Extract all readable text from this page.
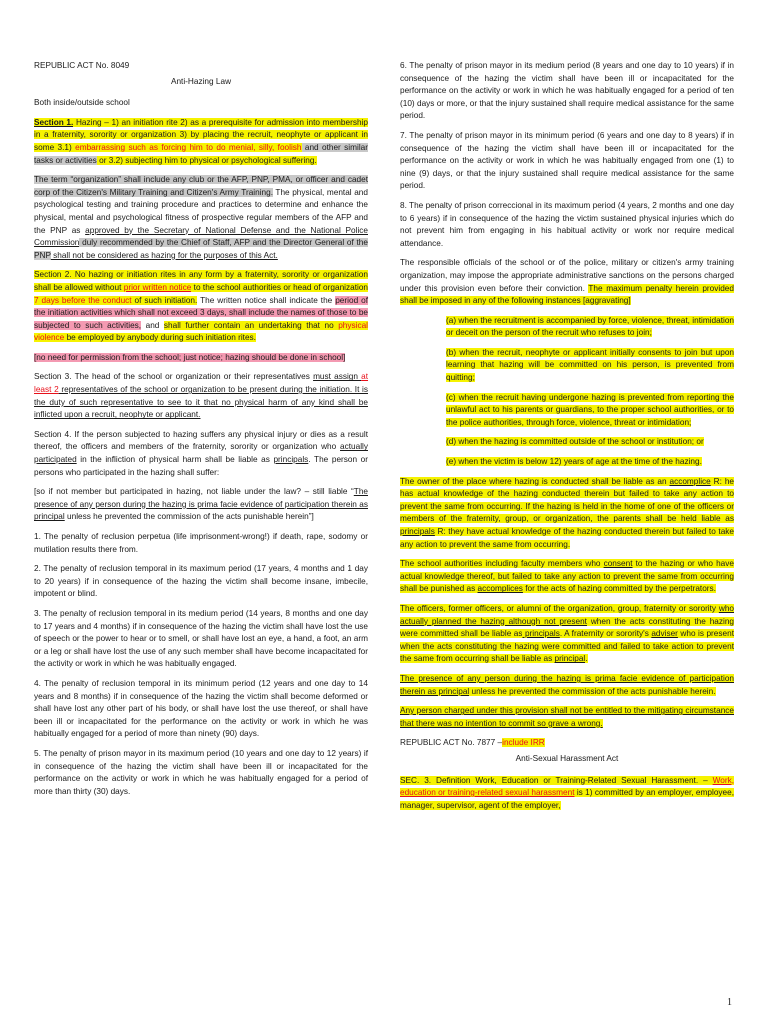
REPUBLIC ACT No. 8049

Anti-Hazing Law

Both inside/outside school

Section 1. Hazing – 1) an initiation rite 2) as a prerequisite for admission into membership in a fraternity, sorority or organization 3) by placing the recruit, neophyte or applicant in some 3.1) embarrassing such as forcing him to do menial, silly, foolish and other similar tasks or activities or 3.2) subjecting him to physical or psychological suffering.

The term “organization” shall include any club or the AFP, PNP, PMA, or officer and cadet corp of the Citizen's Military Training and Citizen's Army Training. The physical, mental and psychological testing and training procedure and practices to determine and enhance the physical, mental and psychological fitness of prospective regular members of the AFP and the PNP as approved by the Secretary of National Defense and the National Police Commission duly recommended by the Chief of Staff, AFP and the Director General of the PNP shall not be considered as hazing for the purposes of this Act.

Section 2. No hazing or initiation rites in any form by a fraternity, sorority or organization shall be allowed without prior written notice to the school authorities or head of organization 7 days before the conduct of such initiation. The written notice shall indicate the period of the initiation activities which shall not exceed 3 days, shall include the names of those to be subjected to such activities, and shall further contain an undertaking that no physical violence be employed by anybody during such initiation rites.

[no need for permission from the school; just notice; hazing should be done in school]

Section 3. The head of the school or organization or their representatives must assign at least 2 representatives of the school or organization to be present during the initiation. It is the duty of such representative to see to it that no physical harm of any kind shall be inflicted upon a recruit, neophyte or applicant.

Section 4. If the person subjected to hazing suffers any physical injury or dies as a result thereof, the officers and members of the fraternity, sorority or organization who actually participated in the infliction of physical harm shall be liable as principals. The person or persons who participated in the hazing shall suffer:

[so if not member but participated in hazing, not liable under the law? – still liable “The presence of any person during the hazing is prima facie evidence of participation therein as principal unless he prevented the commission of the acts punishable herein”]

1. The penalty of reclusion perpetua (life imprisonment-wrong!) if death, rape, sodomy or mutilation results there from.

2. The penalty of reclusion temporal in its maximum period (17 years, 4 months and 1 day to 20 years) if in consequence of the hazing the victim shall become insane, imbecile, impotent or blind.

3. The penalty of reclusion temporal in its medium period (14 years, 8 months and one day to 17 years and 4 months) if in consequence of the hazing the victim shall have lost the use of speech or the power to hear or to smell, or shall have lost an eye, a hand, a foot, an arm or a leg or shall have lost the use of any such member shall have become incapacitated for the activity or work in which he was habitually engaged.

4. The penalty of reclusion temporal in its minimum period (12 years and one day to 14 years and 8 months) if in consequence of the hazing the victim shall become deformed or shall have lost any other part of his body, or shall have lost the use thereof, or shall have been ill or incapacitated for the performance on the activity or work in which he was habitually engaged for a period of more than ninety (90) days.

5. The penalty of prison mayor in its maximum period (10 years and one day to 12 years) if in consequence of the hazing the victim shall have been ill or incapacitated for the performance on the activity or work in which he was habitually engaged for a period of more than thirty (30) days.

6. The penalty of prison mayor in its medium period (8 years and one day to 10 years) if in consequence of the hazing the victim shall have been ill or incapacitated for the performance on the activity or work in which he was habitually engaged for a period of ten (10) days or more, or that the injury sustained shall require medical assistance for the same period.

7. The penalty of prison mayor in its minimum period (6 years and one day to 8 years) if in consequence of the hazing the victim shall have been ill or incapacitated for the performance on the activity or work in which he was habitually engaged from one (1) to nine (9) days, or that the injury sustained shall require medical assistance for the same period.

8. The penalty of prison correccional in its maximum period (4 years, 2 months and one day to 6 years) if in consequence of the hazing the victim sustained physical injuries which do not prevent him from engaging in his habitual activity or work nor require medical attendance.

The responsible officials of the school or of the police, military or citizen's army training organization, may impose the appropriate administrative sanctions on the persons charged under this provision even before their conviction. The maximum penalty herein provided shall be imposed in any of the following instances [aggravating]

(a) when the recruitment is accompanied by force, violence, threat, intimidation or deceit on the person of the recruit who refuses to join;

(b) when the recruit, neophyte or applicant initially consents to join but upon learning that hazing will be committed on his person, is prevented from quitting;

(c) when the recruit having undergone hazing is prevented from reporting the unlawful act to his parents or guardians, to the proper school authorities, or to the police authorities, through force, violence, threat or intimidation;

(d) when the hazing is committed outside of the school or institution; or

(e) when the victim is below 12) years of age at the time of the hazing.

The owner of the place where hazing is conducted shall be liable as an accomplice R: he has actual knowledge of the hazing conducted therein but failed to take any action to prevent the same from occurring. If the hazing is held in the home of one of the officers or members of the fraternity, group, or organization, the parents shall be held liable as principals R: they have actual knowledge of the hazing conducted therein but failed to take any action to prevent the same from occurring.

The school authorities including faculty members who consent to the hazing or who have actual knowledge thereof, but failed to take any action to prevent the same from occurring shall be punished as accomplices for the acts of hazing committed by the perpetrators.

The officers, former officers, or alumni of the organization, group, fraternity or sorority who actually planned the hazing although not present when the acts constituting the hazing were committed shall be liable as principals. A fraternity or sorority's adviser who is present when the acts constituting the hazing were committed and failed to take action to prevent the same from occurring shall be liable as principal.

The presence of any person during the hazing is prima facie evidence of participation therein as principal unless he prevented the commission of the acts punishable herein.

Any person charged under this provision shall not be entitled to the mitigating circumstance that there was no intention to commit so grave a wrong.

REPUBLIC ACT No. 7877 –include IRR

Anti-Sexual Harassment Act

SEC. 3. Definition Work, Education or Training-Related Sexual Harassment. – Work, education or training-related sexual harassment is 1) committed by an employer, employee, manager, supervisor, agent of the employer,

1
